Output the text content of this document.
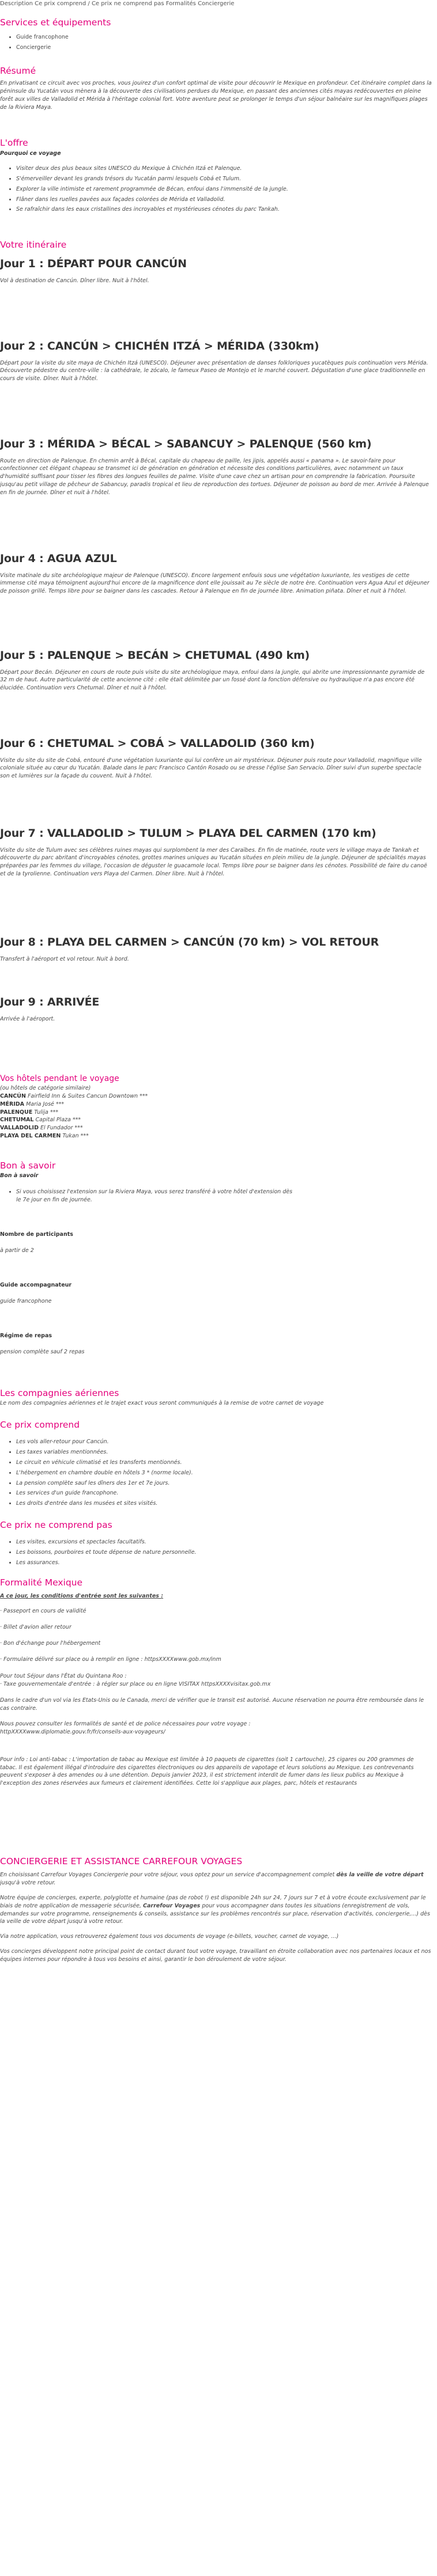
Description Ce prix comprend / Ce prix ne comprend pas Formalités Conciergerie
Services et équipements
• Guide francophone
• Conciergerie
Résumé
En privatisant ce circuit avec vos proches, vous jouirez d'un confort optimal de visite pour découvrir le Mexique en profondeur. Cet itinéraire complet dans la péninsule du Yucatán vous mènera à la découverte des civilisations perdues du Mexique, en passant des anciennes cités mayas redécouvertes en pleine forêt aux villes de Valladolid et Mérida à l'héritage colonial fort. Votre aventure peut se prolonger le temps d'un séjour balnéaire sur les magnifiques plages de la Riviera Maya.
L'offre
Pourquoi ce voyage
• Visiter deux des plus beaux sites UNESCO du Mexique à Chichén Itzá et Palenque.
• S'émerveiller devant les grands trésors du Yucatán parmi lesquels Cobá et Tulum.
• Explorer la ville intimiste et rarement programmée de Bécan, enfoui dans l'immensité de la jungle.
• Flâner dans les ruelles pavées aux façades colorées de Mérida et Valladolid.
• Se rafraîchir dans les eaux cristallines des incroyables et mystérieuses cénotes du parc Tankah.
Votre itinéraire
Jour 1 : DÉPART POUR CANCÚN
Vol à destination de Cancún. Dîner libre. Nuit à l'hôtel.
Jour 2 : CANCÚN > CHICHÉN ITZÁ > MÉRIDA (330km)
Départ pour la visite du site maya de Chichén Itzá (UNESCO). Déjeuner avec présentation de danses folkloriques yucatèques puis continuation vers Mérida. Découverte pédestre du centre-ville : la cathédrale, le zócalo, le fameux Paseo de Montejo et le marché couvert. Dégustation d'une glace traditionnelle en cours de visite. Dîner. Nuit à l'hôtel.
Jour 3 : MÉRIDA > BÉCAL > SABANCUY > PALENQUE (560 km)
Route en direction de Palenque. En chemin arrêt à Bécal, capitale du chapeau de paille, les jipis, appelés aussi « panama ». Le savoir-faire pour confectionner cet élégant chapeau se transmet ici de génération en génération et nécessite des conditions particulières, avec notamment un taux d'humidité suffisant pour tisser les fibres des longues feuilles de palme. Visite d'une cave chez un artisan pour en comprendre la fabrication. Poursuite jusqu'au petit village de pêcheur de Sabancuy, paradis tropical et lieu de reproduction des tortues. Déjeuner de poisson au bord de mer. Arrivée à Palenque en fin de journée. Dîner et nuit à l'hôtel.
Jour 4 : AGUA AZUL
Visite matinale du site archéologique majeur de Palenque (UNESCO). Encore largement enfouis sous une végétation luxuriante, les vestiges de cette immense cité maya témoignent aujourd'hui encore de la magnificence dont elle jouissait au 7e siècle de notre ère. Continuation vers Agua Azul et déjeuner de poisson grillé. Temps libre pour se baigner dans les cascades. Retour à Palenque en fin de journée libre. Animation piñata. Dîner et nuit à l'hôtel.
Jour 5 : PALENQUE > BECÁN > CHETUMAL (490 km)
Départ pour Becán. Déjeuner en cours de route puis visite du site archéologique maya, enfoui dans la jungle, qui abrite une impressionnante pyramide de 32 m de haut. Autre particularité de cette ancienne cité : elle était délimitée par un fossé dont la fonction défensive ou hydraulique n'a pas encore été élucidée. Continuation vers Chetumal. Dîner et nuit à l'hôtel.
Jour 6 : CHETUMAL > COBÁ > VALLADOLID (360 km)
Visite du site du site de Cobá, entouré d'une végétation luxuriante qui lui confère un air mystérieux. Déjeuner puis route pour Valladolid, magnifique ville coloniale située au cœur du Yucatán. Balade dans le parc Francisco Cantón Rosado ou se dresse l'église San Servacio. Dîner suivi d'un superbe spectacle son et lumières sur la façade du couvent. Nuit à l'hôtel.
Jour 7 : VALLADOLID > TULUM > PLAYA DEL CARMEN (170 km)
Visite du site de Tulum avec ses célèbres ruines mayas qui surplombent la mer des Caraïbes. En fin de matinée, route vers le village maya de Tankah et découverte du parc abritant d'incroyables cénotes, grottes marines uniques au Yucatán situées en plein milieu de la jungle. Déjeuner de spécialités mayas préparées par les femmes du village, l'occasion de déguster le guacamole local. Temps libre pour se baigner dans les cénotes. Possibilité de faire du canoë et de la tyrolienne. Continuation vers Playa del Carmen. Dîner libre. Nuit à l'hôtel.
Jour 8 : PLAYA DEL CARMEN > CANCÚN (70 km) > VOL RETOUR
Transfert à l'aéroport et vol retour. Nuit à bord.
Jour 9 : ARRIVÉE
Arrivée à l'aéroport.
Vos hôtels pendant le voyage
(ou hôtels de catégorie similaire)
CANCÚN Fairfield Inn & Suites Cancun Downtown ***
MÉRIDA Maria José ***
PALENQUE Tulija ***
CHETUMAL Capital Plaza ***
VALLADOLID El Fundador ***
PLAYA DEL CARMEN Tukan ***
Bon à savoir
Bon à savoir
• Si vous choisissez l'extension sur la Riviera Maya, vous serez transféré à votre hôtel d'extension dès le 7e jour en fin de journée.
Nombre de participants
à partir de 2
Guide accompagnateur
guide francophone
Régime de repas
pension complète sauf 2 repas
Les compagnies aériennes
Le nom des compagnies aériennes et le trajet exact vous seront communiqués à la remise de votre carnet de voyage
Ce prix comprend
• Les vols aller-retour pour Cancún.
• Les taxes variables mentionnées.
• Le circuit en véhicule climatisé et les transferts mentionnés.
• L'hébergement en chambre double en hôtels 3 * (norme locale).
• La pension complète sauf les dîners des 1er et 7e jours.
• Les services d'un guide francophone.
• Les droits d'entrée dans les musées et sites visités.
Ce prix ne comprend pas
• Les visites, excursions et spectacles facultatifs.
• Les boissons, pourboires et toute dépense de nature personnelle.
• Les assurances.
Formalité Mexique
A ce jour, les conditions d'entrée sont les suivantes :
· Passeport en cours de validité
· Billet d'avion aller retour
· Bon d'échange pour l'hébergement
· Formulaire délivré sur place ou à remplir en ligne : httpsXXXXwww.gob.mx/inm
Pour tout Séjour dans l'État du Quintana Roo :
· Taxe gouvernementale d'entrée : à régler sur place ou en ligne VISITAX httpsXXXXvisitax.gob.mx
Dans le cadre d'un vol via les Etats-Unis ou le Canada, merci de vérifier que le transit est autorisé. Aucune réservation ne pourra être remboursée dans le cas contraire.
Nous pouvez consulter les formalités de santé et de police nécessaires pour votre voyage : httpXXXXwww.diplomatie.gouv.fr/fr/conseils-aux-voyageurs/
Pour info : Loi anti-tabac : L'importation de tabac au Mexique est limitée à 10 paquets de cigarettes (soit 1 cartouche), 25 cigares ou 200 grammes de tabac. Il est également illégal d'introduire des cigarettes électroniques ou des appareils de vapotage et leurs solutions au Mexique. Les contrevenants peuvent s'exposer à des amendes ou à une détention. Depuis janvier 2023, il est strictement interdit de fumer dans les lieux publics au Mexique à l'exception des zones réservées aux fumeurs et clairement identifiées. Cette loi s'applique aux plages, parc, hôtels et restaurants
CONCIERGERIE ET ASSISTANCE CARREFOUR VOYAGES
En choisissant Carrefour Voyages Conciergerie pour votre séjour, vous optez pour un service d'accompagnement complet dès la veille de votre départ jusqu'à votre retour.
Notre équipe de concierges, experte, polyglotte et humaine (pas de robot !) est disponible 24h sur 24, 7 jours sur 7 et à votre écoute exclusivement par le biais de notre application de messagerie sécurisée, Carrefour Voyages pour vous accompagner dans toutes les situations (enregistrement de vols, demandes sur votre programme, renseignements & conseils, assistance sur les problèmes rencontrés sur place, réservation d'activités, conciergerie,...) dès la veille de votre départ jusqu'à votre retour.
Via notre application, vous retrouverez également tous vos documents de voyage (e-billets, voucher, carnet de voyage, ...)
Vos concierges développent notre principal point de contact durant tout votre voyage, travaillant en étroite collaboration avec nos partenaires locaux et nos équipes internes pour répondre à tous vos besoins et ainsi, garantir le bon déroulement de votre séjour.
